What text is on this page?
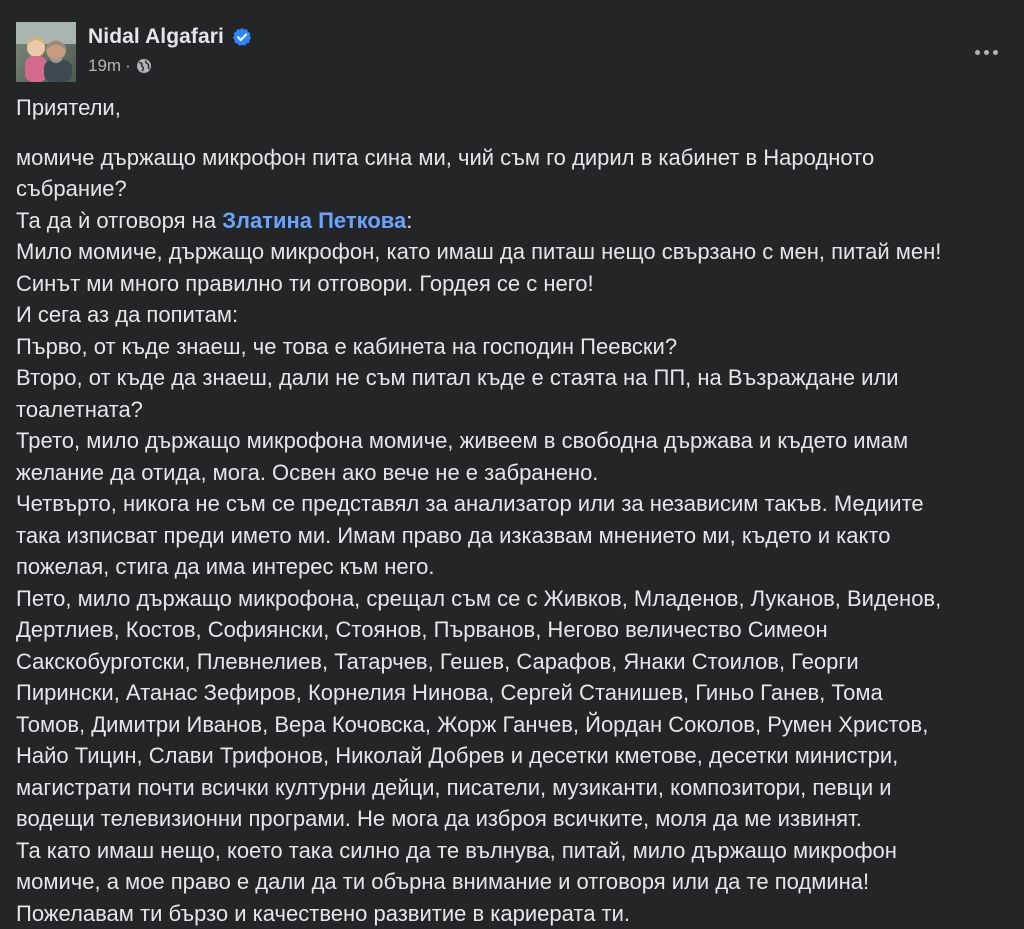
Nidal Algafari
19m ·
Приятели,
момиче държащо микрофон пита сина ми, чий съм го дирил в кабинет в Народното
събрание?
Та да ѝ отговоря на Златина Петкова:
Мило момиче, държащо микрофон, като имаш да питаш нещо свързано с мен, питай мен!
Синът ми много правилно ти отговори. Гордея се с него!
И сега аз да попитам:
Първо, от къде знаеш, че това е кабинета на господин Пеевски?
Второ, от къде да знаеш, дали не съм питал къде е стаята на ПП, на Възраждане или
тоалетната?
Трето, мило държащо микрофона момиче, живеем в свободна държава и където имам
желание да отида, мога. Освен ако вече не е забранено.
Четвърто, никога не съм се представял за анализатор или за независим такъв. Медиите
така изписват преди името ми. Имам право да изказвам мнението ми, където и както
пожелая, стига да има интерес към него.
Пето, мило държащо микрофона, срещал съм се с Живков, Младенов, Луканов, Виденов,
Дертлиев, Костов, Софиянски, Стоянов, Първанов, Негово величество Симеон
Сакскобурготски, Плевнелиев, Татарчев, Гешев, Сарафов, Янаки Стоилов, Георги
Пирински, Атанас Зефиров, Корнелия Нинова, Сергей Станишев, Гиньо Ганев, Тома
Томов, Димитри Иванов, Вера Кочовска, Жорж Ганчев, Йордан Соколов, Румен Христов,
Найо Тицин, Слави Трифонов, Николай Добрев и десетки кметове, десетки министри,
магистрати почти всички културни дейци, писатели, музиканти, композитори, певци и
водещи телевизионни програми. Не мога да изброя всичките, моля да ме извинят.
Та като имаш нещо, което така силно да те вълнува, питай, мило държащо микрофон
момиче, а мое право е дали да ти обърна внимание и отговоря или да те подмина!
Пожелавам ти бързо и качествено развитие в кариерата ти.
